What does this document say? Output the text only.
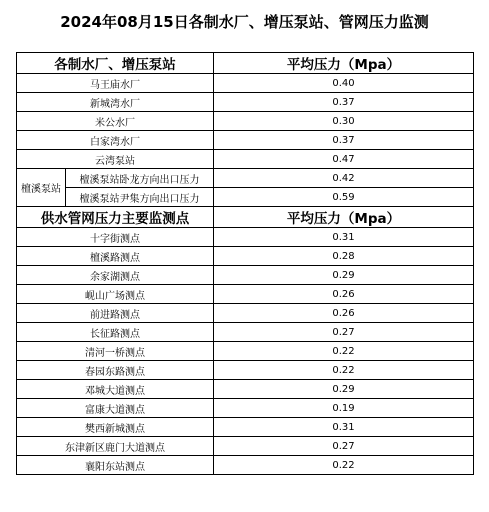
2024年08月15日各制水厂、增压泵站、管网压力监测
各制水厂、增压泵站		平均压力（Mpa）
马王庙水厂		0.40
新城湾水厂		0.37
米公水厂		0.30
白家湾水厂		0.37
云湾泵站		0.47
檀溪泵站	檀溪泵站卧龙方向出口压力	0.42
	檀溪泵站尹集方向出口压力	0.59
供水管网压力主要监测点		平均压力（Mpa）
十字街测点		0.31
檀溪路测点		0.28
余家湖测点		0.29
岘山广场测点		0.26
前进路测点		0.26
长征路测点		0.27
清河一桥测点		0.22
春园东路测点		0.22
邓城大道测点		0.29
富康大道测点		0.19
樊西新城测点		0.31
东津新区鹿门大道测点		0.27
襄阳东站测点		0.22
